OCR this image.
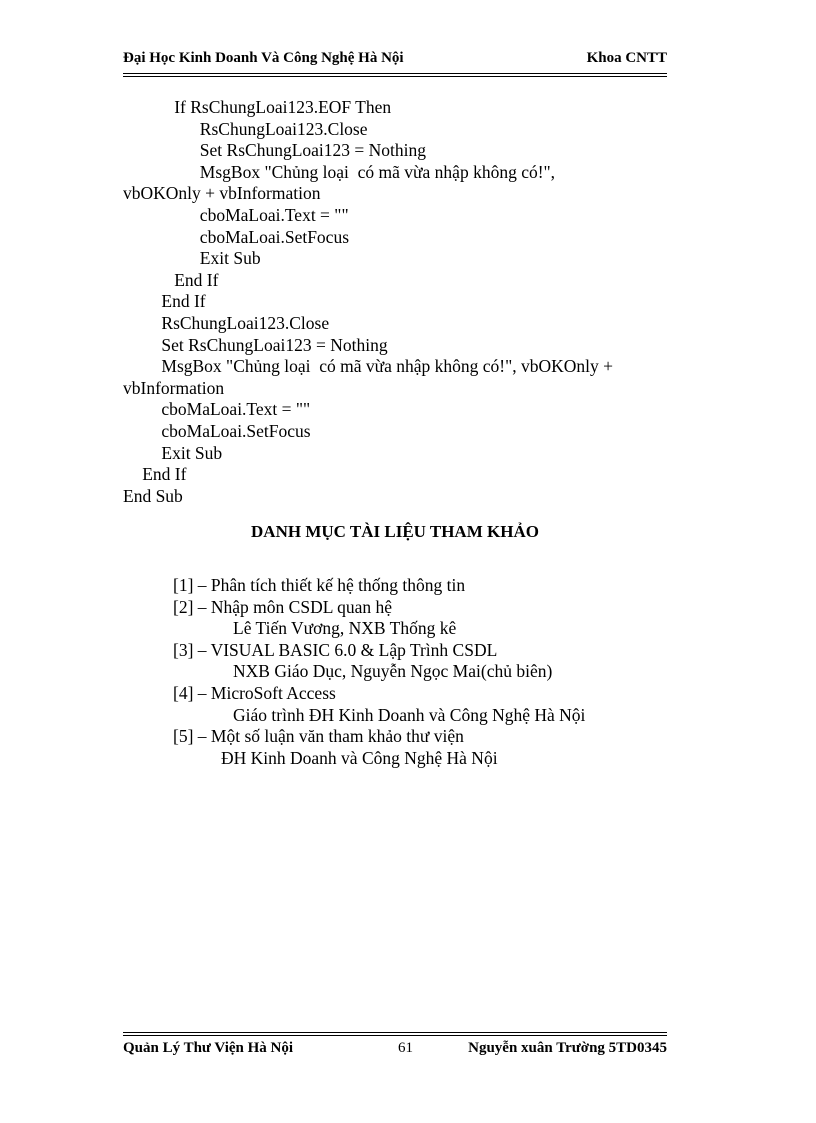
Đại Học Kinh Doanh Và Công Nghệ Hà Nội	Khoa CNTT
If RsChungLoai123.EOF Then
RsChungLoai123.Close
Set RsChungLoai123 = Nothing
MsgBox "Chủng loại  có mã vừa nhập không có!",
vbOKOnly + vbInformation
cboMaLoai.Text = ""
cboMaLoai.SetFocus
Exit Sub
End If
End If
RsChungLoai123.Close
Set RsChungLoai123 = Nothing
MsgBox "Chủng loại  có mã vừa nhập không có!", vbOKOnly +
vbInformation
cboMaLoai.Text = ""
cboMaLoai.SetFocus
Exit Sub
End If
End Sub
DANH MỤC TÀI LIỆU THAM KHẢO
[1] – Phân tích thiết kế hệ thống thông tin
[2] – Nhập môn CSDL quan hệ
Lê Tiến Vương, NXB Thống kê
[3] – VISUAL BASIC 6.0 & Lập Trình CSDL
NXB Giáo Dục, Nguyễn Ngọc Mai(chủ biên)
[4] – MicroSoft Access
Giáo trình ĐH Kinh Doanh và Công Nghệ Hà Nội
[5] – Một số luận văn tham khảo thư viện
ĐH Kinh Doanh và Công Nghệ Hà Nội
Quản Lý Thư Viện Hà Nội	61	Nguyễn xuân Trường 5TD0345
